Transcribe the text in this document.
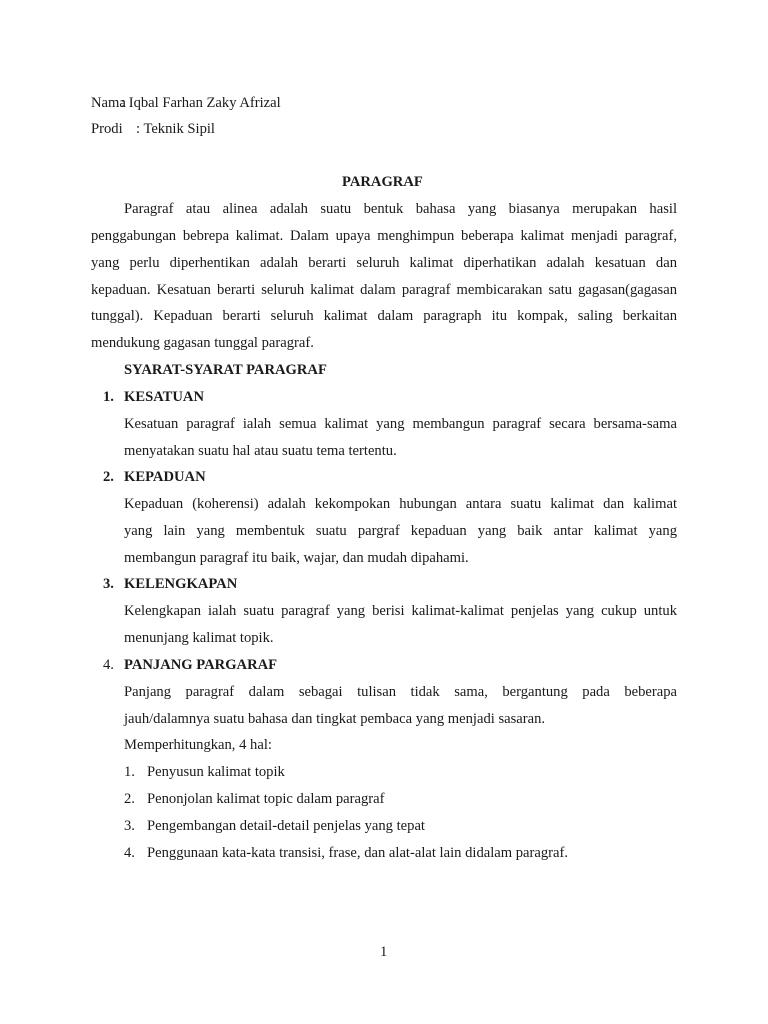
Nama
: Iqbal Farhan Zaky Afrizal
Prodi : Teknik Sipil
PARAGRAF
Paragraf atau alinea adalah suatu bentuk bahasa yang biasanya merupakan hasil
penggabungan bebrepa kalimat. Dalam upaya menghimpun beberapa kalimat menjadi paragraf,
yang perlu diperhentikan adalah berarti seluruh kalimat diperhatikan adalah kesatuan dan
kepaduan. Kesatuan berarti seluruh kalimat dalam paragraf membicarakan satu gagasan(gagasan
tunggal). Kepaduan berarti seluruh kalimat dalam paragraph itu kompak, saling berkaitan
mendukung gagasan tunggal paragraf.
SYARAT-SYARAT PARAGRAF
1. KESATUAN
Kesatuan paragraf ialah semua kalimat yang membangun paragraf secara bersama-sama
menyatakan suatu hal atau suatu tema tertentu.
2. KEPADUAN
Kepaduan (koherensi) adalah kekompokan hubungan antara suatu kalimat dan kalimat
yang lain yang membentuk suatu pargraf kepaduan yang baik antar kalimat yang
membangun paragraf itu baik, wajar, dan mudah dipahami.
3. KELENGKAPAN
Kelengkapan ialah suatu paragraf yang berisi kalimat-kalimat penjelas yang cukup untuk
menunjang kalimat topik.
4. PANJANG PARGARAF
Panjang paragraf dalam sebagai tulisan tidak sama, bergantung pada beberapa
jauh/dalamnya suatu bahasa dan tingkat pembaca yang menjadi sasaran.
Memperhitungkan, 4 hal:
1. Penyusun kalimat topik
2. Penonjolan kalimat topic dalam paragraf
3. Pengembangan detail-detail penjelas yang tepat
4. Penggunaan kata-kata transisi, frase, dan alat-alat lain didalam paragraf.
1
